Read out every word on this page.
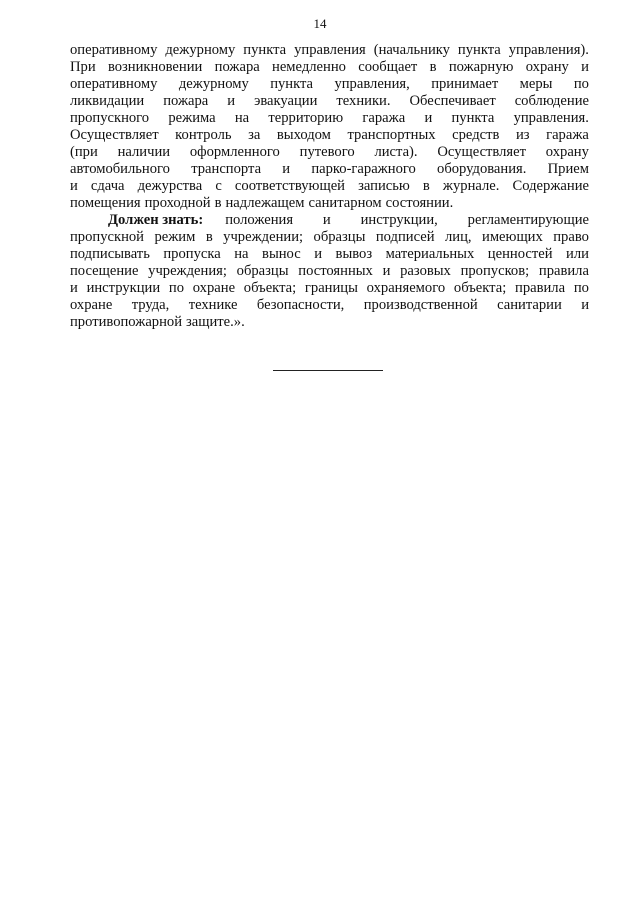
14
оперативному дежурному пункта управления (начальнику пункта управления).
При возникновении пожара немедленно сообщает в пожарную охрану и
оперативному дежурному пункта управления, принимает меры по
ликвидации пожара и эвакуации техники. Обеспечивает соблюдение
пропускного режима на территорию гаража и пункта управления.
Осуществляет контроль за выходом транспортных средств из гаража
(при наличии оформленного путевого листа). Осуществляет охрану
автомобильного транспорта и парко-гаражного оборудования. Прием
и сдача дежурства с соответствующей записью в журнале. Содержание
помещения проходной в надлежащем санитарном состоянии.
Должен знать: положения и инструкции, регламентирующие
пропускной режим в учреждении; образцы подписей лиц, имеющих право
подписывать пропуска на вынос и вывоз материальных ценностей или
посещение учреждения; образцы постоянных и разовых пропусков; правила
и инструкции по охране объекта; границы охраняемого объекта; правила по
охране труда, технике безопасности, производственной санитарии и
противопожарной защите.».
